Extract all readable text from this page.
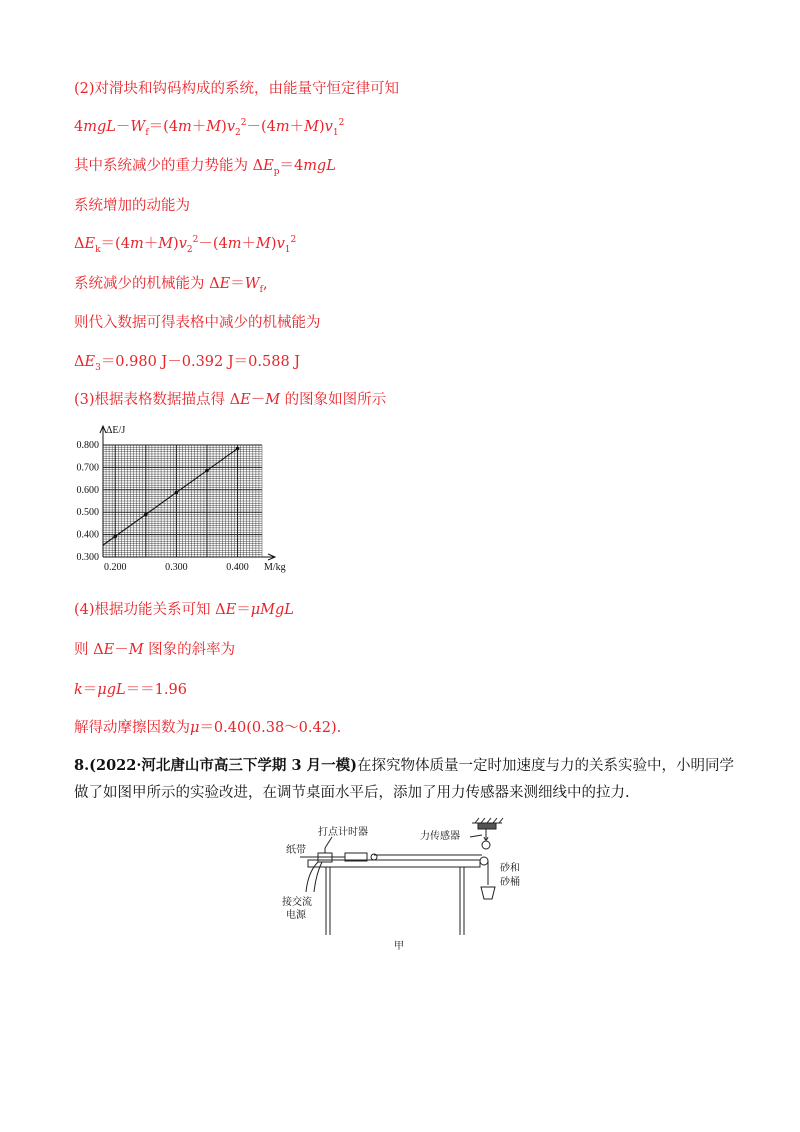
(2)对滑块和钩码构成的系统，由能量守恒定律可知
$4mgL-W_f=(4m+M)v_2^2-(4m+M)v_1^2$
其中系统减少的重力势能为 $\Delta E_p=4mgL$
系统增加的动能为
$\Delta E_k=(4m+M)v_2^2-(4m+M)v_1^2$
系统减少的机械能为 $\Delta E=W_f$,
则代入数据可得表格中减少的机械能为
$\Delta E_3=0.980$ J－0.392 J＝0.588 J
(3)根据表格数据描点得 ΔE－M 的图象如图所示
0.300
0.400
0.500
0.600
0.700
0.800
0.200	0.300	0.400
ΔE/J
M/kg
(4)根据功能关系可知 ΔE＝μMgL
则 ΔE－M 图象的斜率为
k＝μgL＝＝1.96
解得动摩擦因数为μ＝0.40(0.38～0.42).
8.(2022·河北唐山市高三下学期 3 月一模)在探究物体质量一定时加速度与力的关系实验中，小明同学做了如图甲所示的实验改进，在调节桌面水平后，添加了用力传感器来测细线中的拉力.
打点计时器	力传感器
纸带
砂和
砂桶
接交流
电源
甲
